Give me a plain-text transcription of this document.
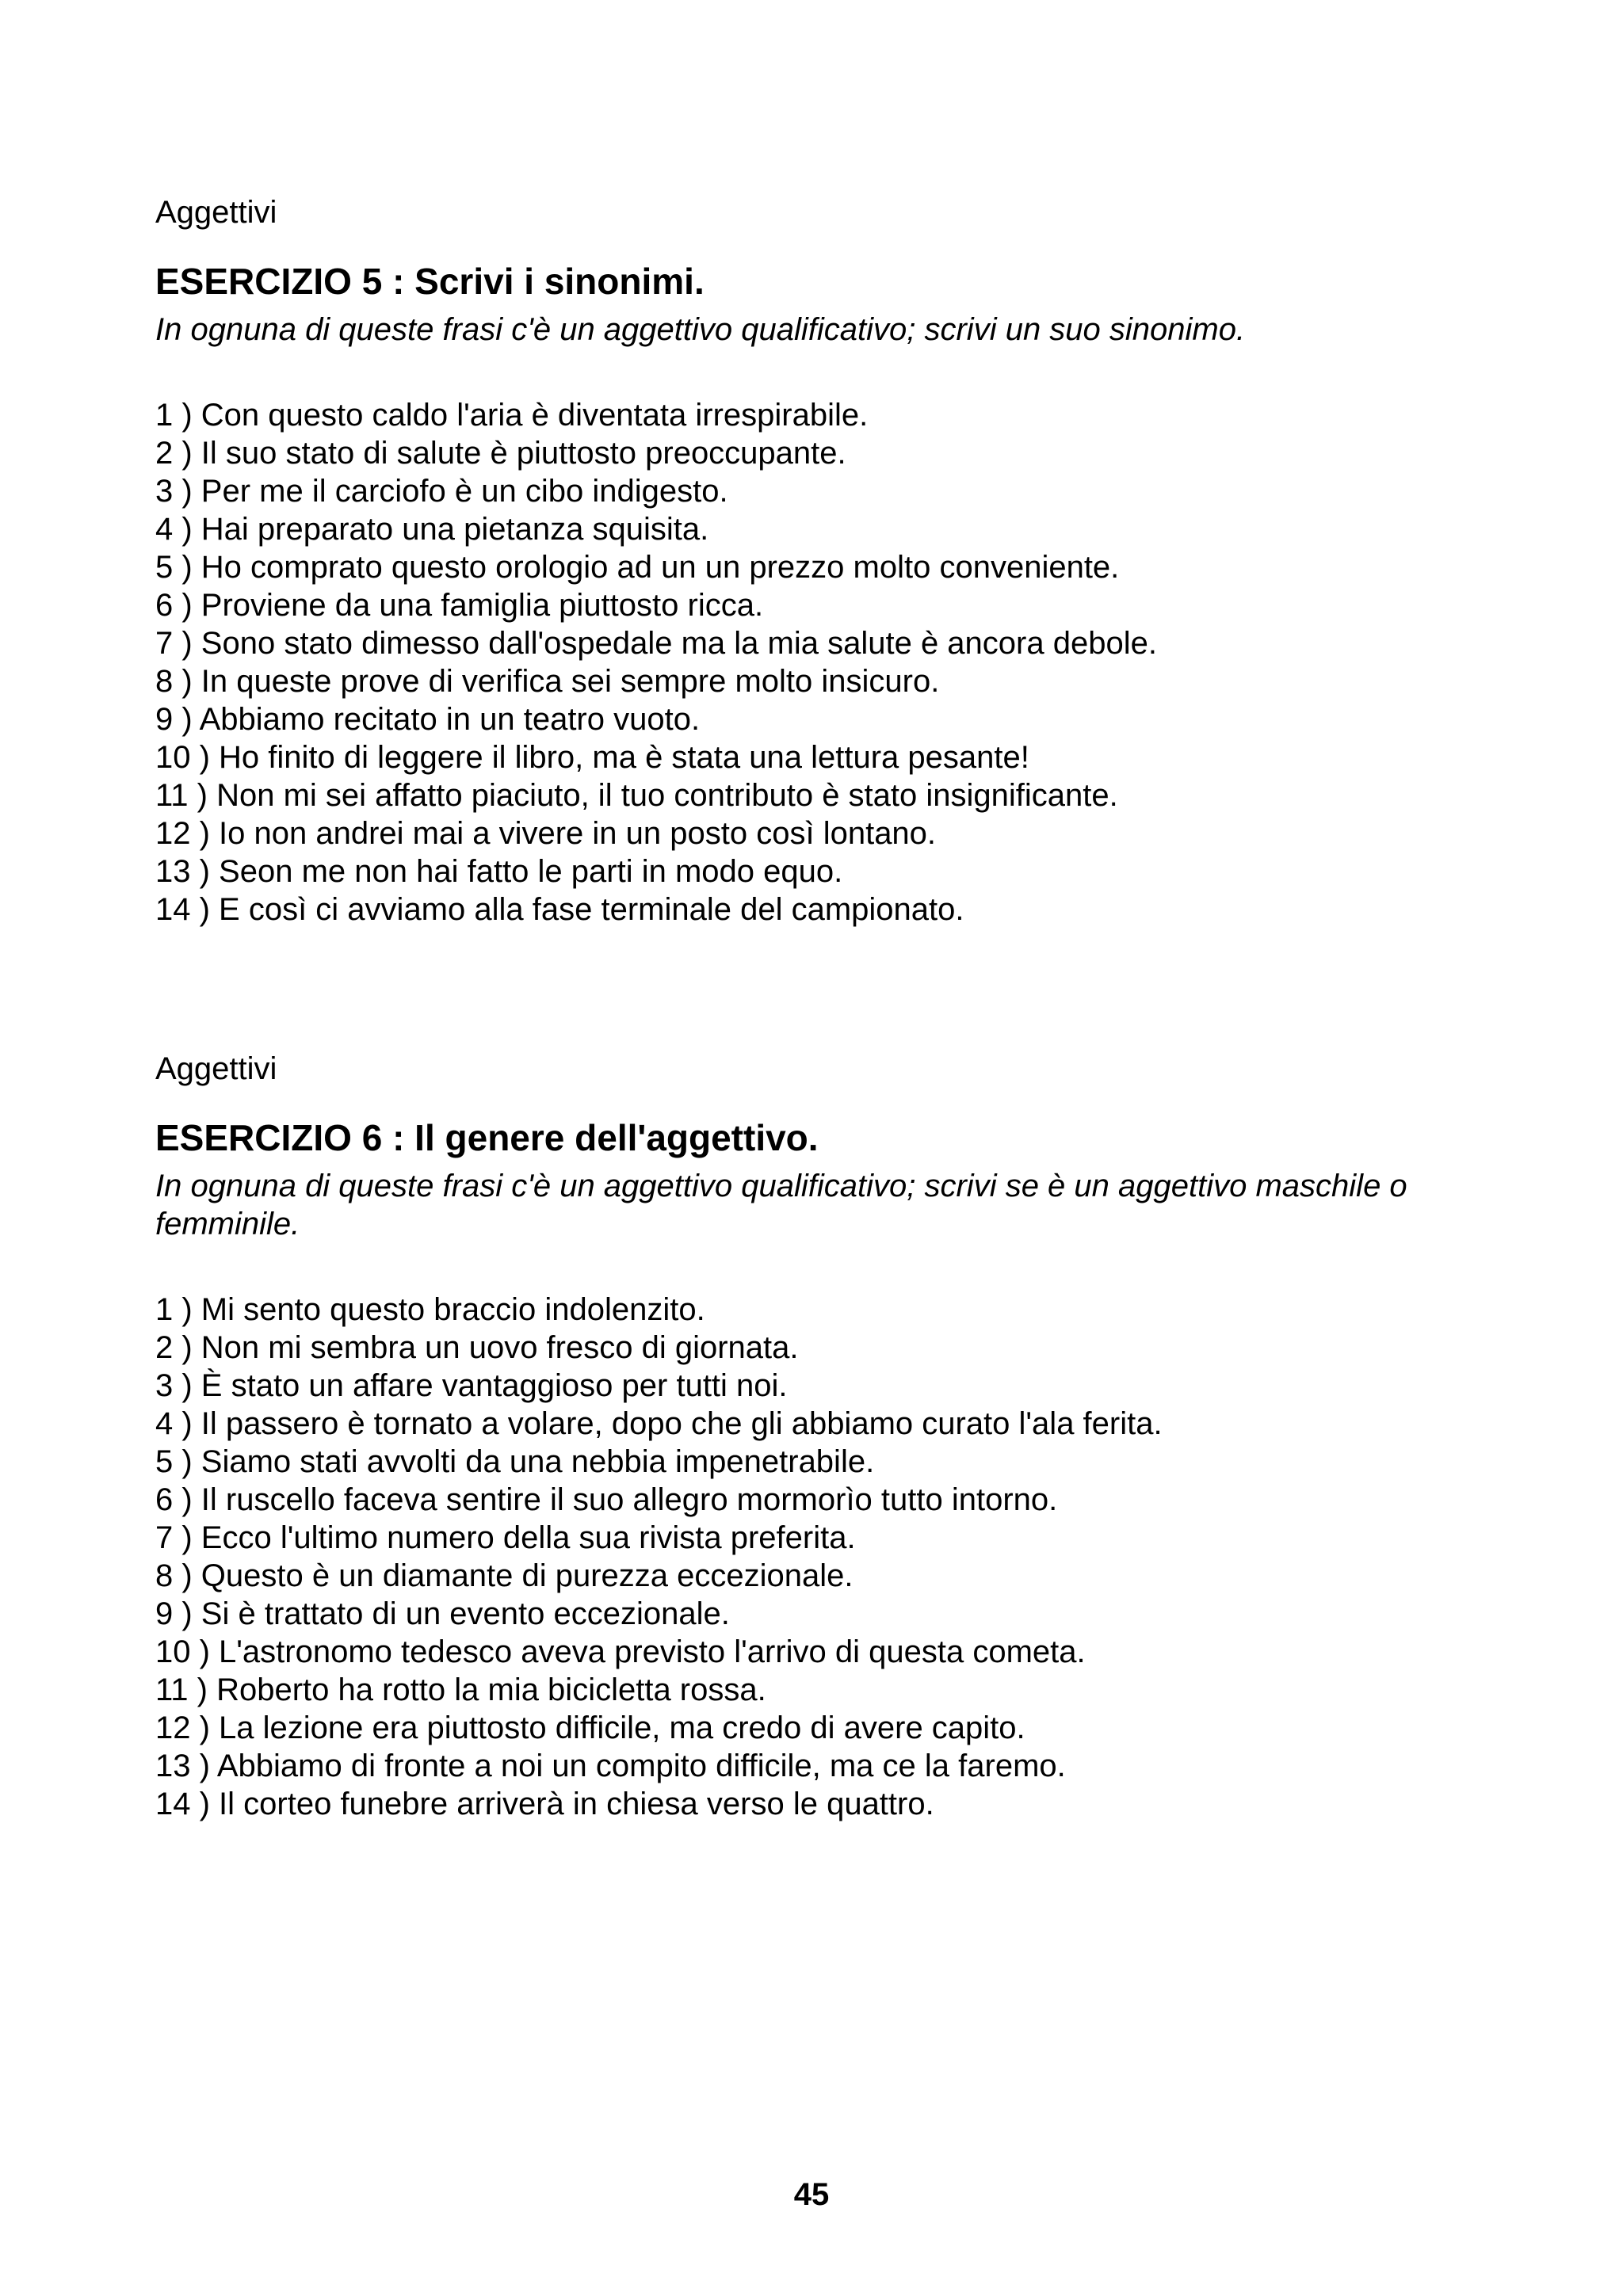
Aggettivi

ESERCIZIO 5 : Scrivi i sinonimi.

In ognuna di queste frasi c'è un aggettivo qualificativo; scrivi un suo sinonimo.

1 ) Con questo caldo l'aria è diventata irrespirabile.
2 ) Il suo stato di salute è piuttosto preoccupante.
3 ) Per me il carciofo è un cibo indigesto.
4 ) Hai preparato una pietanza squisita.
5 ) Ho comprato questo orologio ad un un prezzo molto conveniente.
6 ) Proviene da una famiglia piuttosto ricca.
7 ) Sono stato dimesso dall'ospedale ma la mia salute è ancora debole.
8 ) In queste prove di verifica sei sempre molto insicuro.
9 ) Abbiamo recitato in un teatro vuoto.
10 ) Ho finito di leggere il libro, ma è stata una lettura pesante!
11 ) Non mi sei affatto piaciuto, il tuo contributo è stato insignificante.
12 ) Io non andrei mai a vivere in un posto così lontano.
13 ) Seon me non hai fatto le parti in modo equo.
14 ) E così ci avviamo alla fase terminale del campionato.

Aggettivi

ESERCIZIO 6 : Il genere dell'aggettivo.

In ognuna di queste frasi c'è un aggettivo qualificativo; scrivi se è un aggettivo maschile o femminile.

1 ) Mi sento questo braccio indolenzito.
2 ) Non mi sembra un uovo fresco di giornata.
3 ) È stato un affare vantaggioso per tutti noi.
4 ) Il passero è tornato a volare, dopo che gli abbiamo curato l'ala ferita.
5 ) Siamo stati avvolti da una nebbia impenetrabile.
6 ) Il ruscello faceva sentire il suo allegro mormorìo tutto intorno.
7 ) Ecco l'ultimo numero della sua rivista preferita.
8 ) Questo è un diamante di purezza eccezionale.
9 ) Si è trattato di un evento eccezionale.
10 ) L'astronomo tedesco aveva previsto l'arrivo di questa cometa.
11 ) Roberto ha rotto la mia bicicletta rossa.
12 ) La lezione era piuttosto difficile, ma credo di avere capito.
13 ) Abbiamo di fronte a noi un compito difficile, ma ce la faremo.
14 ) Il corteo funebre arriverà in chiesa verso le quattro.
45
